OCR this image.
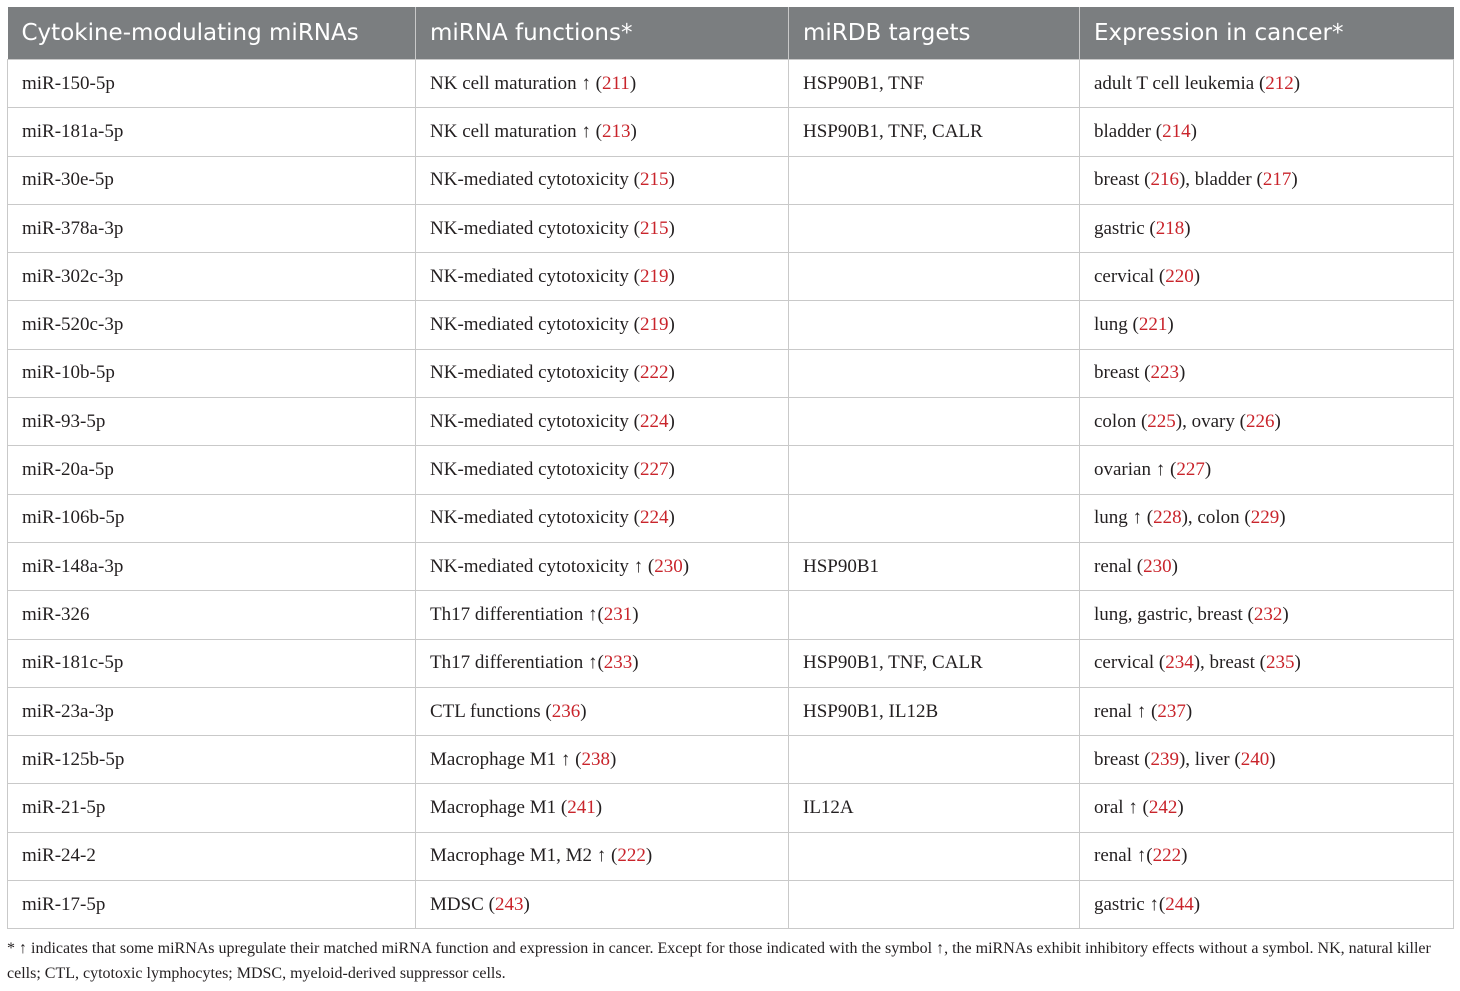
Cytokine-modulating miRNAs	miRNA functions*	miRDB targets	Expression in cancer*
miR-150-5p	NK cell maturation ↑ (211)	HSP90B1, TNF	adult T cell leukemia (212)
miR-181a-5p	NK cell maturation ↑ (213)	HSP90B1, TNF, CALR	bladder (214)
miR-30e-5p	NK-mediated cytotoxicity (215)		breast (216), bladder (217)
miR-378a-3p	NK-mediated cytotoxicity (215)		gastric (218)
miR-302c-3p	NK-mediated cytotoxicity (219)		cervical (220)
miR-520c-3p	NK-mediated cytotoxicity (219)		lung (221)
miR-10b-5p	NK-mediated cytotoxicity (222)		breast (223)
miR-93-5p	NK-mediated cytotoxicity (224)		colon (225), ovary (226)
miR-20a-5p	NK-mediated cytotoxicity (227)		ovarian ↑ (227)
miR-106b-5p	NK-mediated cytotoxicity (224)		lung ↑ (228), colon (229)
miR-148a-3p	NK-mediated cytotoxicity ↑ (230)	HSP90B1	renal (230)
miR-326	Th17 differentiation ↑(231)		lung, gastric, breast (232)
miR-181c-5p	Th17 differentiation ↑(233)	HSP90B1, TNF, CALR	cervical (234), breast (235)
miR-23a-3p	CTL functions (236)	HSP90B1, IL12B	renal ↑ (237)
miR-125b-5p	Macrophage M1 ↑ (238)		breast (239), liver (240)
miR-21-5p	Macrophage M1 (241)	IL12A	oral ↑ (242)
miR-24-2	Macrophage M1, M2 ↑ (222)		renal ↑(222)
miR-17-5p	MDSC (243)		gastric ↑(244)
* ↑ indicates that some miRNAs upregulate their matched miRNA function and expression in cancer. Except for those indicated with the symbol ↑, the miRNAs exhibit inhibitory effects without a symbol. NK, natural killer cells; CTL, cytotoxic lymphocytes; MDSC, myeloid-derived suppressor cells.
